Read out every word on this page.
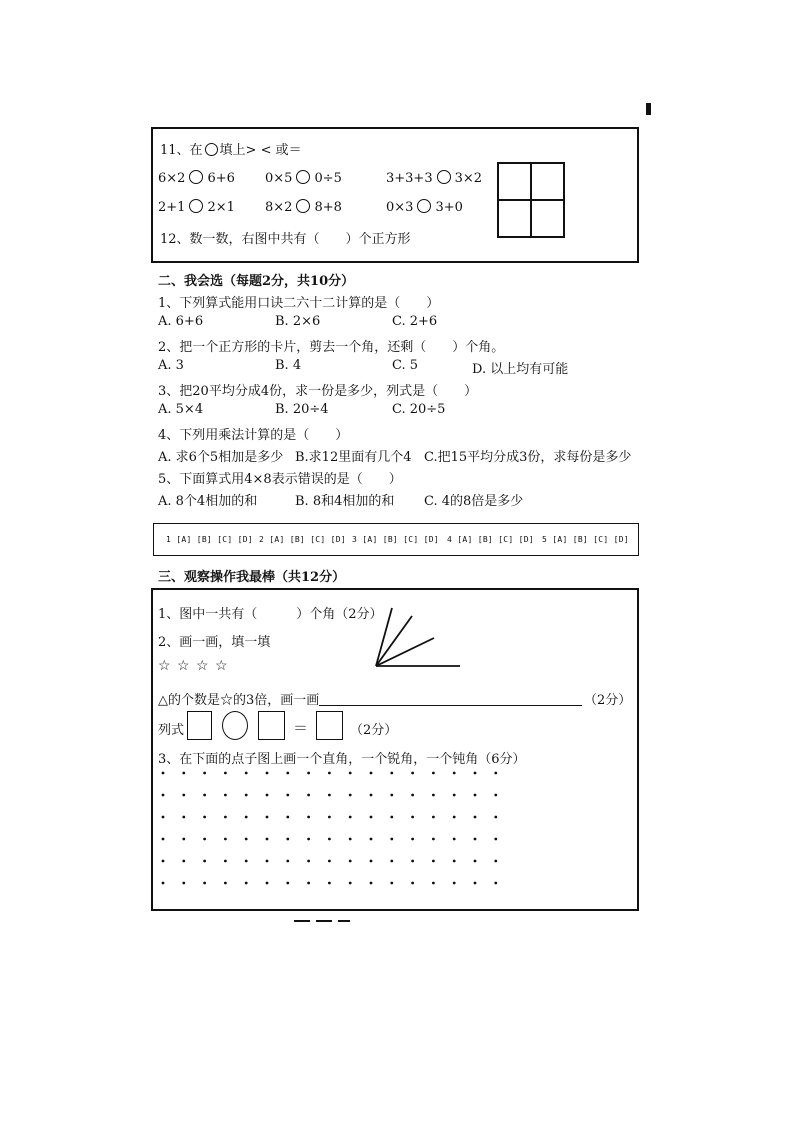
11、在 填上> < 或＝
6×2 6+6 0×5 0÷5	3+3+3 3×2
2+1 2×1 8×2 8+8	0×3 3+0
12、数一数，右图中共有（　　）个正方形
二、我会选（每题2分，共10分）
1、下列算式能用口诀二六十二计算的是（　　）
A. 6+6	B. 2×6	C. 2+6
2、把一个正方形的卡片，剪去一个角，还剩（　　）个角。
A. 3	B. 4	C. 5	D. 以上均有可能
3、把20平均分成4份，求一份是多少，列式是（　　）
A. 5×4	B. 20÷4	C. 20÷5
4、下列用乘法计算的是（　　）
A. 求6个5相加是多少 B.求12里面有几个4 C.把15平均分成3份，求每份是多少
5、下面算式用4×8表示错误的是（　　）
A. 8个4相加的和	B. 8和4相加的和 C. 4的8倍是多少
1 [A] [B] [C] [D] 2 [A] [B] [C] [D] 3 [A] [B] [C] [D] 4 [A] [B] [C] [D] 5 [A] [B] [C] [D]
三、观察操作我最棒（共12分）
1、图中一共有（　　　）个角（2分）
2、画一画，填一填
☆ ☆ ☆ ☆
△的个数是☆的3倍，画一画	（2分）
列式	＝	（2分）
3、在下面的点子图上画一个直角，一个锐角，一个钝角（6分）
